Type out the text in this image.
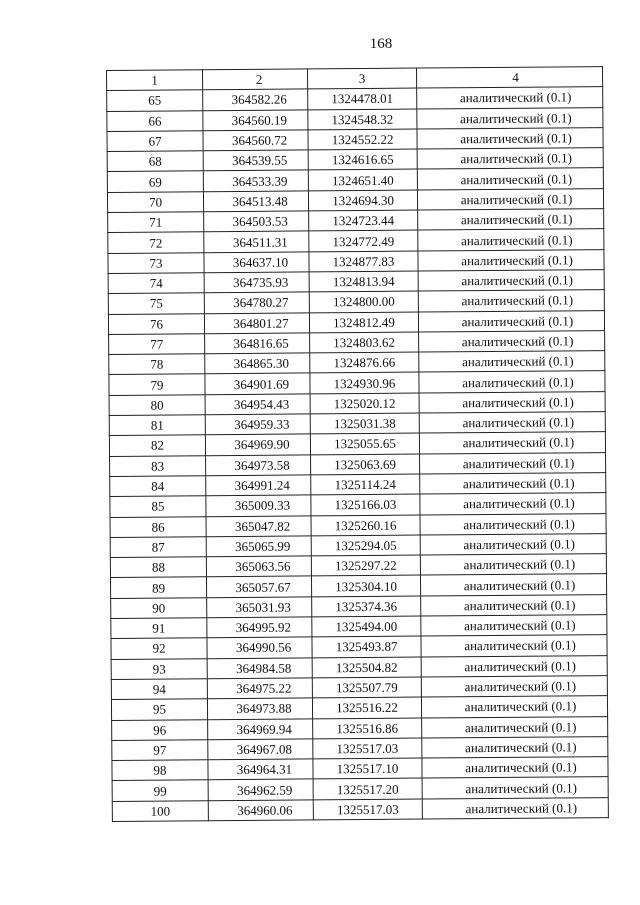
168
1	2	3	4
65	364582.26	1324478.01	аналитический (0.1)
66	364560.19	1324548.32	аналитический (0.1)
67	364560.72	1324552.22	аналитический (0.1)
68	364539.55	1324616.65	аналитический (0.1)
69	364533.39	1324651.40	аналитический (0.1)
70	364513.48	1324694.30	аналитический (0.1)
71	364503.53	1324723.44	аналитический (0.1)
72	364511.31	1324772.49	аналитический (0.1)
73	364637.10	1324877.83	аналитический (0.1)
74	364735.93	1324813.94	аналитический (0.1)
75	364780.27	1324800.00	аналитический (0.1)
76	364801.27	1324812.49	аналитический (0.1)
77	364816.65	1324803.62	аналитический (0.1)
78	364865.30	1324876.66	аналитический (0.1)
79	364901.69	1324930.96	аналитический (0.1)
80	364954.43	1325020.12	аналитический (0.1)
81	364959.33	1325031.38	аналитический (0.1)
82	364969.90	1325055.65	аналитический (0.1)
83	364973.58	1325063.69	аналитический (0.1)
84	364991.24	1325114.24	аналитический (0.1)
85	365009.33	1325166.03	аналитический (0.1)
86	365047.82	1325260.16	аналитический (0.1)
87	365065.99	1325294.05	аналитический (0.1)
88	365063.56	1325297.22	аналитический (0.1)
89	365057.67	1325304.10	аналитический (0.1)
90	365031.93	1325374.36	аналитический (0.1)
91	364995.92	1325494.00	аналитический (0.1)
92	364990.56	1325493.87	аналитический (0.1)
93	364984.58	1325504.82	аналитический (0.1)
94	364975.22	1325507.79	аналитический (0.1)
95	364973.88	1325516.22	аналитический (0.1)
96	364969.94	1325516.86	аналитический (0.1)
97	364967.08	1325517.03	аналитический (0.1)
98	364964.31	1325517.10	аналитический (0.1)
99	364962.59	1325517.20	аналитический (0.1)
100	364960.06	1325517.03	аналитический (0.1)
